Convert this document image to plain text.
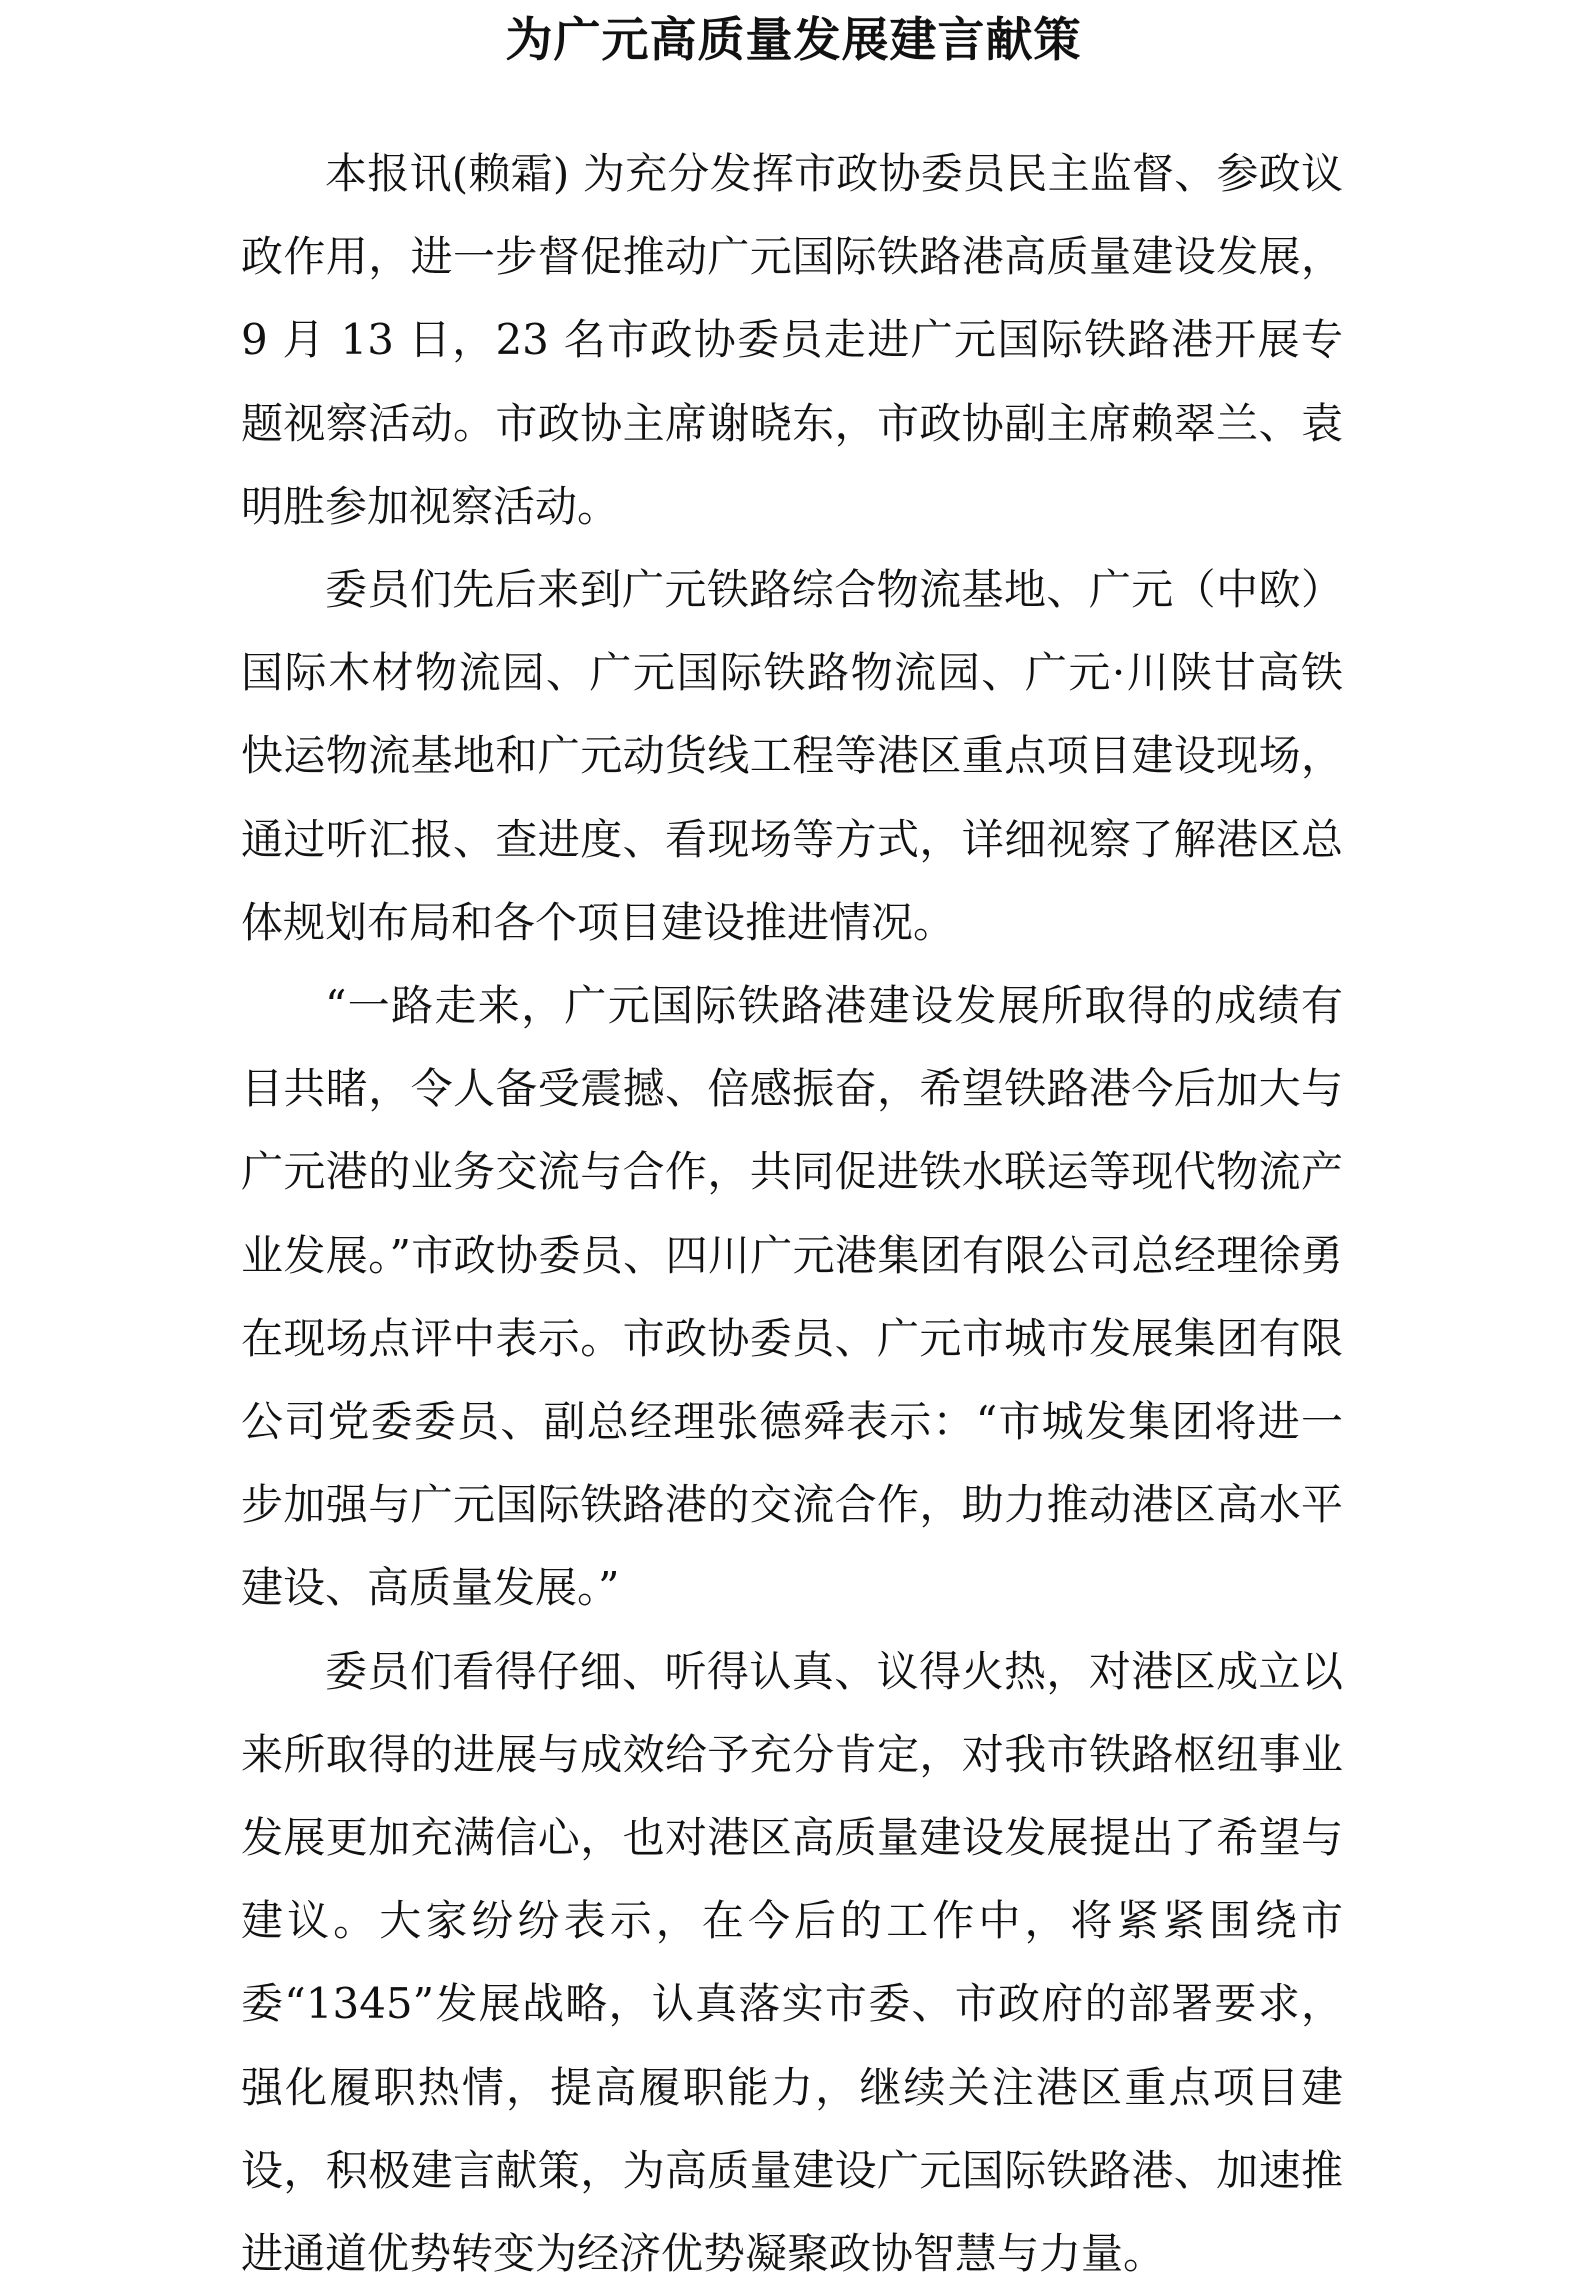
为广元高质量发展建言献策

本报讯(赖霜) 为充分发挥市政协委员民主监督、参政议政作用，进一步督促推动广元国际铁路港高质量建设发展，9 月 13 日，23 名市政协委员走进广元国际铁路港开展专题视察活动。市政协主席谢晓东，市政协副主席赖翠兰、袁明胜参加视察活动。

委员们先后来到广元铁路综合物流基地、广元（中欧）国际木材物流园、广元国际铁路物流园、广元·川陕甘高铁快运物流基地和广元动货线工程等港区重点项目建设现场，通过听汇报、查进度、看现场等方式，详细视察了解港区总体规划布局和各个项目建设推进情况。

“一路走来，广元国际铁路港建设发展所取得的成绩有目共睹，令人备受震撼、倍感振奋，希望铁路港今后加大与广元港的业务交流与合作，共同促进铁水联运等现代物流产业发展。”市政协委员、四川广元港集团有限公司总经理徐勇在现场点评中表示。市政协委员、广元市城市发展集团有限公司党委委员、副总经理张德舜表示：“市城发集团将进一步加强与广元国际铁路港的交流合作，助力推动港区高水平建设、高质量发展。”

委员们看得仔细、听得认真、议得火热，对港区成立以来所取得的进展与成效给予充分肯定，对我市铁路枢纽事业发展更加充满信心，也对港区高质量建设发展提出了希望与建议。大家纷纷表示，在今后的工作中，将紧紧围绕市委“1345”发展战略，认真落实市委、市政府的部署要求，强化履职热情，提高履职能力，继续关注港区重点项目建设，积极建言献策，为高质量建设广元国际铁路港、加速推进通道优势转变为经济优势凝聚政协智慧与力量。
